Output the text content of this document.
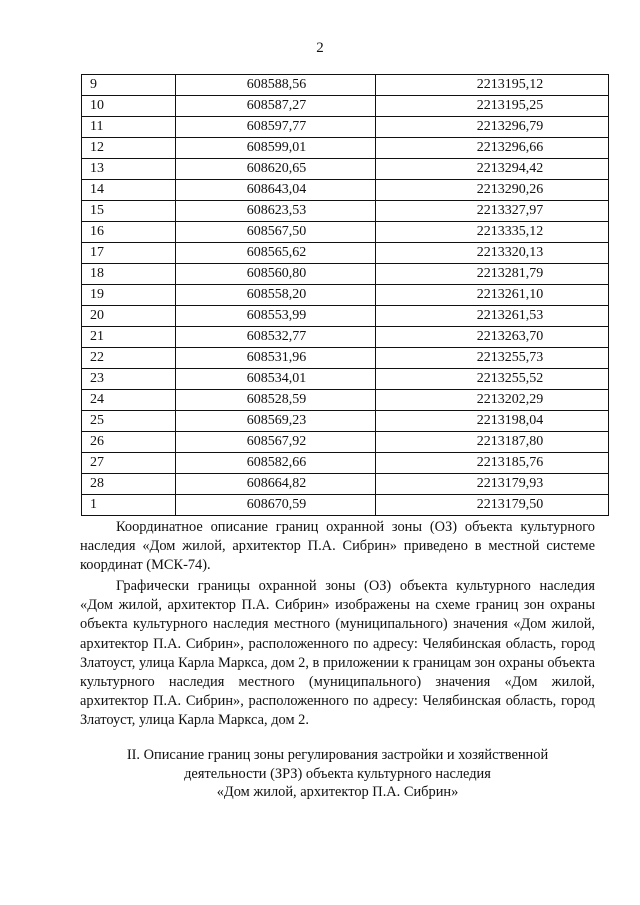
2
9	608588,56	2213195,12
10	608587,27	2213195,25
11	608597,77	2213296,79
12	608599,01	2213296,66
13	608620,65	2213294,42
14	608643,04	2213290,26
15	608623,53	2213327,97
16	608567,50	2213335,12
17	608565,62	2213320,13
18	608560,80	2213281,79
19	608558,20	2213261,10
20	608553,99	2213261,53
21	608532,77	2213263,70
22	608531,96	2213255,73
23	608534,01	2213255,52
24	608528,59	2213202,29
25	608569,23	2213198,04
26	608567,92	2213187,80
27	608582,66	2213185,76
28	608664,82	2213179,93
1	608670,59	2213179,50

Координатное описание границ охранной зоны (ОЗ) объекта культурного наследия «Дом жилой, архитектор П.А. Сибрин» приведено в местной системе координат (МСК-74).

Графически границы охранной зоны (ОЗ) объекта культурного наследия «Дом жилой, архитектор П.А. Сибрин» изображены на схеме границ зон охраны объекта культурного наследия местного (муниципального) значения «Дом жилой, архитектор П.А. Сибрин», расположенного по адресу: Челябинская область, город Златоуст, улица Карла Маркса, дом 2, в приложении к границам зон охраны объекта культурного наследия местного (муниципального) значения «Дом жилой, архитектор П.А. Сибрин», расположенного по адресу: Челябинская область, город Златоуст, улица Карла Маркса, дом 2.

II. Описание границ зоны регулирования застройки и хозяйственной
деятельности (ЗРЗ) объекта культурного наследия
«Дом жилой, архитектор П.А. Сибрин»
